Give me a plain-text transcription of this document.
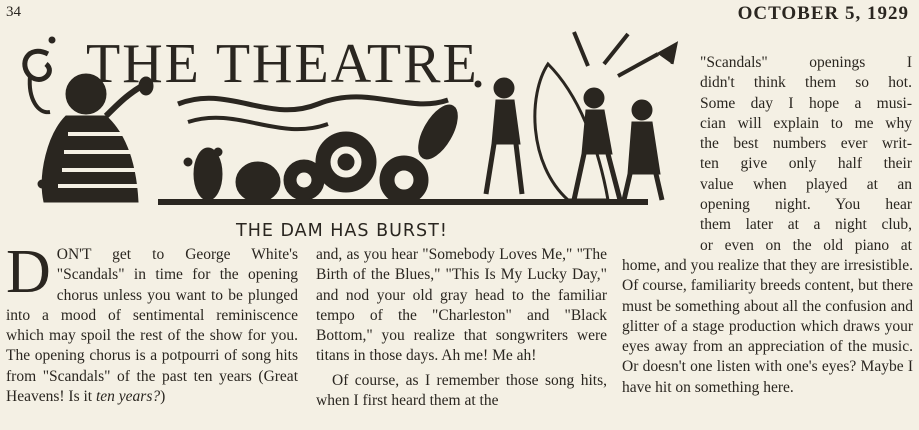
34	OCTOBER 5, 1929
THE THEATRE
THE DAM HAS BURST!

DON'T get to George White's "Scandals" in time for the opening chorus unless you want to be plunged into a mood of sentimental reminiscence which may spoil the rest of the show for you. The opening chorus is a potpourri of song hits from "Scandals" of the past ten years (Great Heavens! Is it ten years?)

and, as you hear "Somebody Loves Me," "The Birth of the Blues," "This Is My Lucky Day," and nod your old gray head to the familiar tempo of the "Charleston" and "Black Bottom," you realize that songwriters were titans in those days. Ah me! Me ah!

Of course, as I remember those song hits, when I first heard them at the

"Scandals" openings I
didn't think them so hot.
Some day I hope a musi-
cian will explain to me why
the best numbers ever writ-
ten give only half their
value when played at an
opening night. You hear
them later at a night club,
or even on the old piano at

home, and you realize that they are irresistible. Of course, familiarity breeds content, but there must be something about all the confusion and glitter of a stage production which draws your eyes away from an appreciation of the music. Or doesn't one listen with one's eyes? Maybe I have hit on something here.
